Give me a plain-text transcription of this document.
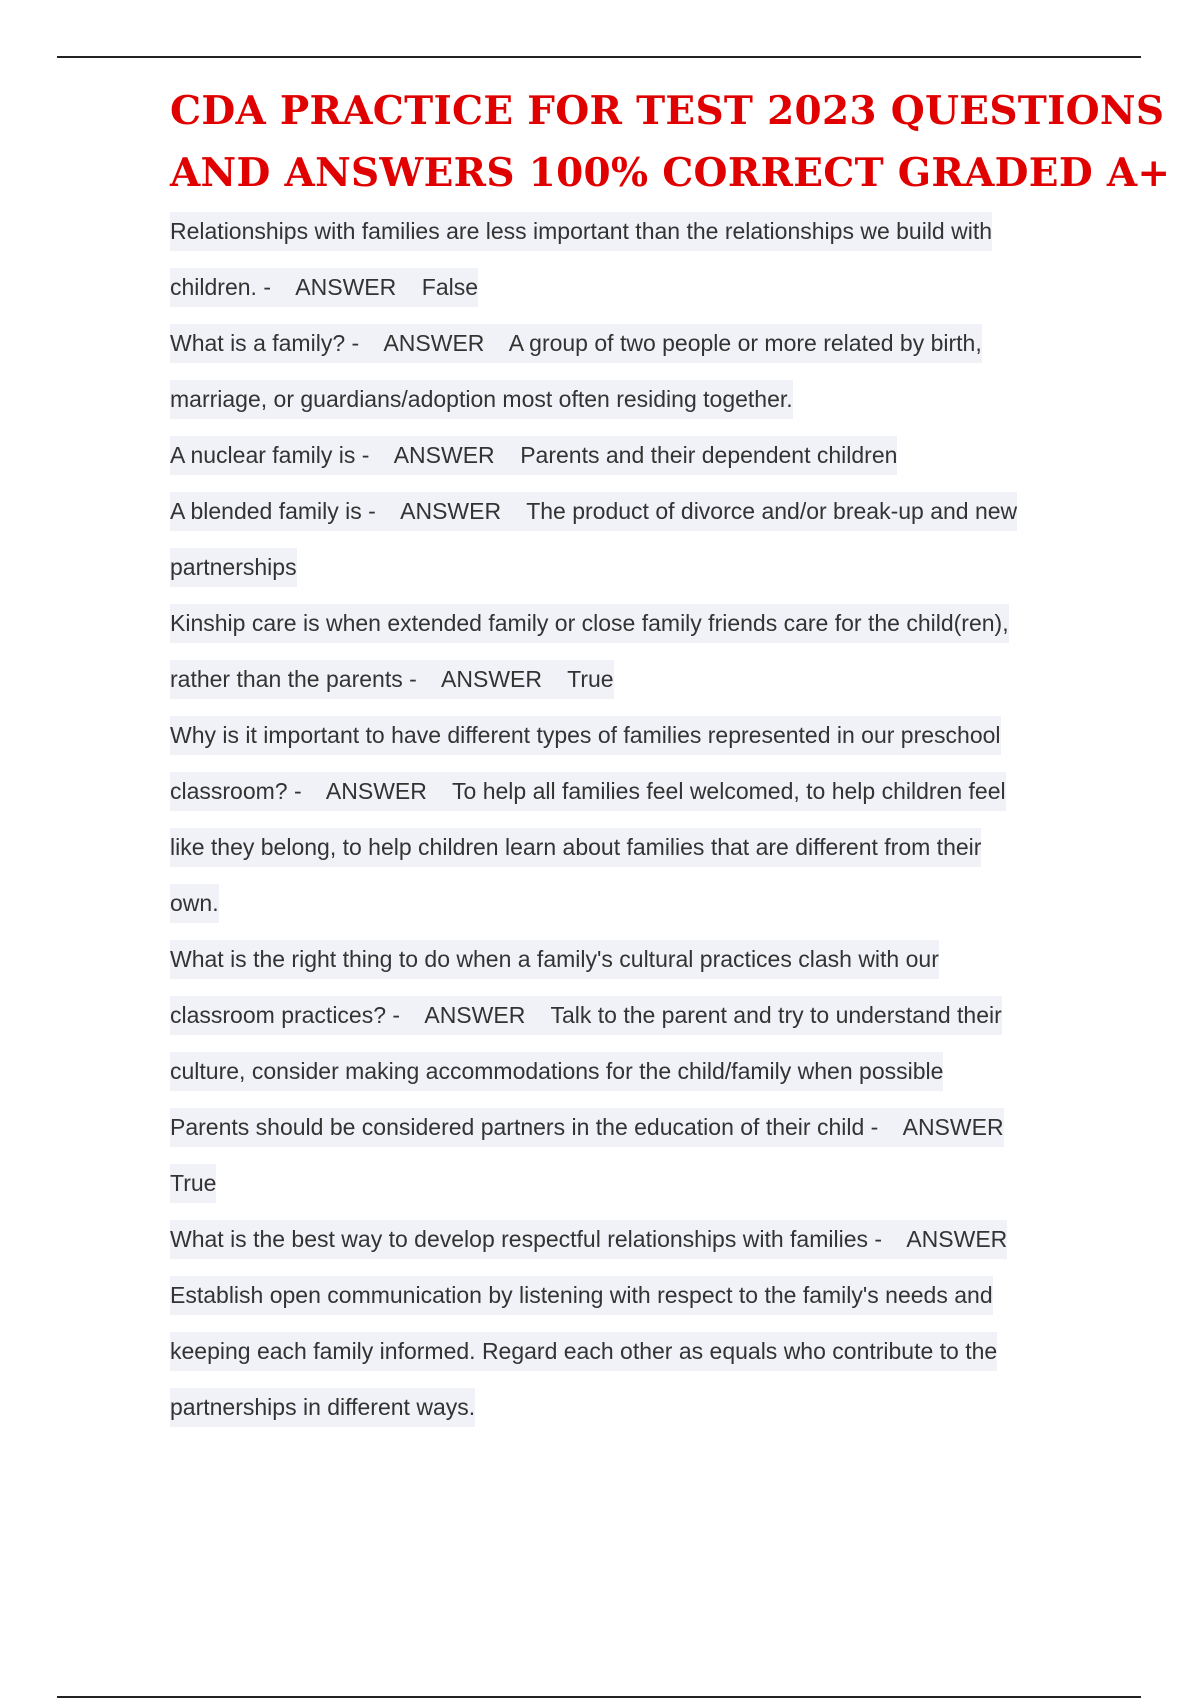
CDA PRACTICE FOR TEST 2023 QUESTIONS
AND ANSWERS 100% CORRECT GRADED A+
Relationships with families are less important than the relationships we build with
children. -    ANSWER    False
What is a family? -    ANSWER    A group of two people or more related by birth,
marriage, or guardians/adoption most often residing together.
A nuclear family is -    ANSWER    Parents and their dependent children
A blended family is -    ANSWER    The product of divorce and/or break-up and new
partnerships
Kinship care is when extended family or close family friends care for the child(ren),
rather than the parents -    ANSWER    True
Why is it important to have different types of families represented in our preschool
classroom? -    ANSWER    To help all families feel welcomed, to help children feel
like they belong, to help children learn about families that are different from their
own.
What is the right thing to do when a family's cultural practices clash with our
classroom practices? -    ANSWER    Talk to the parent and try to understand their
culture, consider making accommodations for the child/family when possible
Parents should be considered partners in the education of their child -    ANSWER
True
What is the best way to develop respectful relationships with families -    ANSWER
Establish open communication by listening with respect to the family's needs and
keeping each family informed. Regard each other as equals who contribute to the
partnerships in different ways.
